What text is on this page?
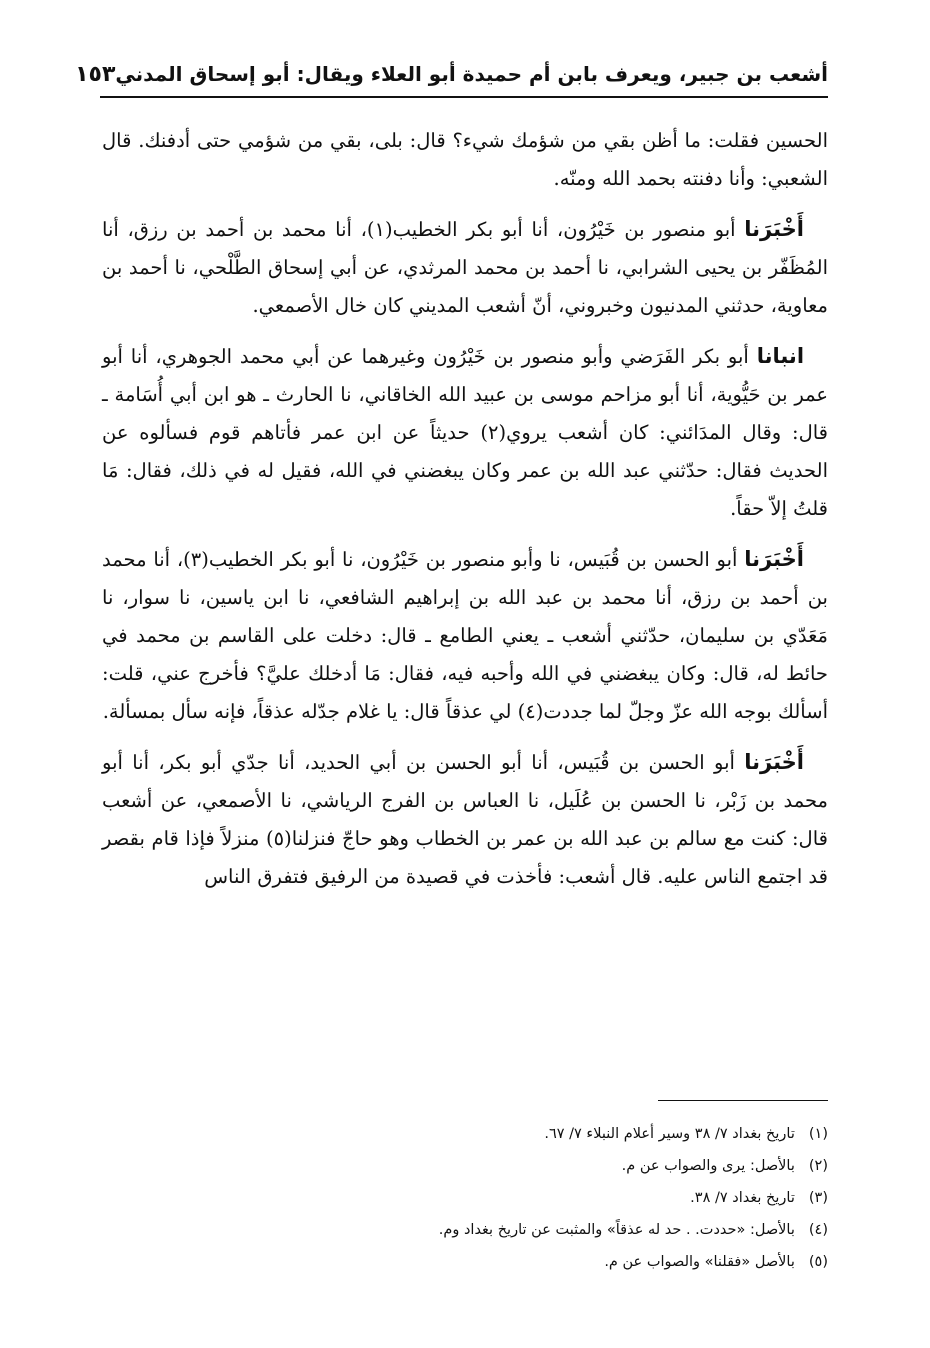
أشعب بن جبير، ويعرف بابن أم حميدة أبو العلاء ويقال: أبو إسحاق المدني
١٥٣

الحسين فقلت: ما أظن بقي من شؤمك شيء؟ قال: بلى، بقي من شؤمي حتى أدفنك. قال الشعبي: وأنا دفنته بحمد الله ومنّه.

أَخْبَرَنا أبو منصور بن خَيْرُون، أنا أبو بكر الخطيب(١)، أنا محمد بن أحمد بن رزق، أنا المُظَفّر بن يحيى الشرابي، نا أحمد بن محمد المرثدي، عن أبي إسحاق الطَّلْحي، نا أحمد بن معاوية، حدثني المدنيون وخبروني، أنّ أشعب المديني كان خال الأصمعي.

انبانا أبو بكر الفَرَضي وأبو منصور بن خَيْرُون وغيرهما عن أبي محمد الجوهري، أنا أبو عمر بن حَيُّوية، أنا أبو مزاحم موسى بن عبيد الله الخاقاني، نا الحارث ـ هو ابن أبي أُسَامة ـ قال: وقال المدَائني: كان أشعب يروي(٢) حديثاً عن ابن عمر فأتاهم قوم فسألوه عن الحديث فقال: حدّثني عبد الله بن عمر وكان يبغضني في الله، فقيل له في ذلك، فقال: مَا قلتُ إلاّ حقاً.

أَخْبَرَنا أبو الحسن بن قُبَيس، نا وأبو منصور بن خَيْرُون، نا أبو بكر الخطيب(٣)، أنا محمد بن أحمد بن رزق، أنا محمد بن عبد الله بن إبراهيم الشافعي، نا ابن ياسين، نا سوار، نا مَعَدّي بن سليمان، حدّثني أشعب ـ يعني الطامع ـ قال: دخلت على القاسم بن محمد في حائط له، قال: وكان يبغضني في الله وأحبه فيه، فقال: مَا أدخلك عليَّ؟ فأخرج عني، قلت: أسألك بوجه الله عزّ وجلّ لما جددت(٤) لي عذقاً قال: يا غلام جدّله عذقاً، فإنه سأل بمسألة.

أَخْبَرَنا أبو الحسن بن قُبَيس، أنا أبو الحسن بن أبي الحديد، أنا جدّي أبو بكر، أنا أبو محمد بن زَبْر، نا الحسن بن عُلَيل، نا العباس بن الفرج الرياشي، نا الأصمعي، عن أشعب قال: كنت مع سالم بن عبد الله بن عمر بن الخطاب وهو حاجّ فنزلنا(٥) منزلاً فإذا قام بقصر قد اجتمع الناس عليه. قال أشعب: فأخذت في قصيدة من الرفيق فتفرق الناس

(١)
تاريخ بغداد ٧/ ٣٨ وسير أعلام النبلاء ٧/ ٦٧.
(٢)
بالأصل: يرى والصواب عن م.
(٣)
تاريخ بغداد ٧/ ٣٨.
(٤)
بالأصل: «حددت. . حد له عذقاً» والمثبت عن تاريخ بغداد وم.
(٥)
بالأصل «فقلنا» والصواب عن م.
